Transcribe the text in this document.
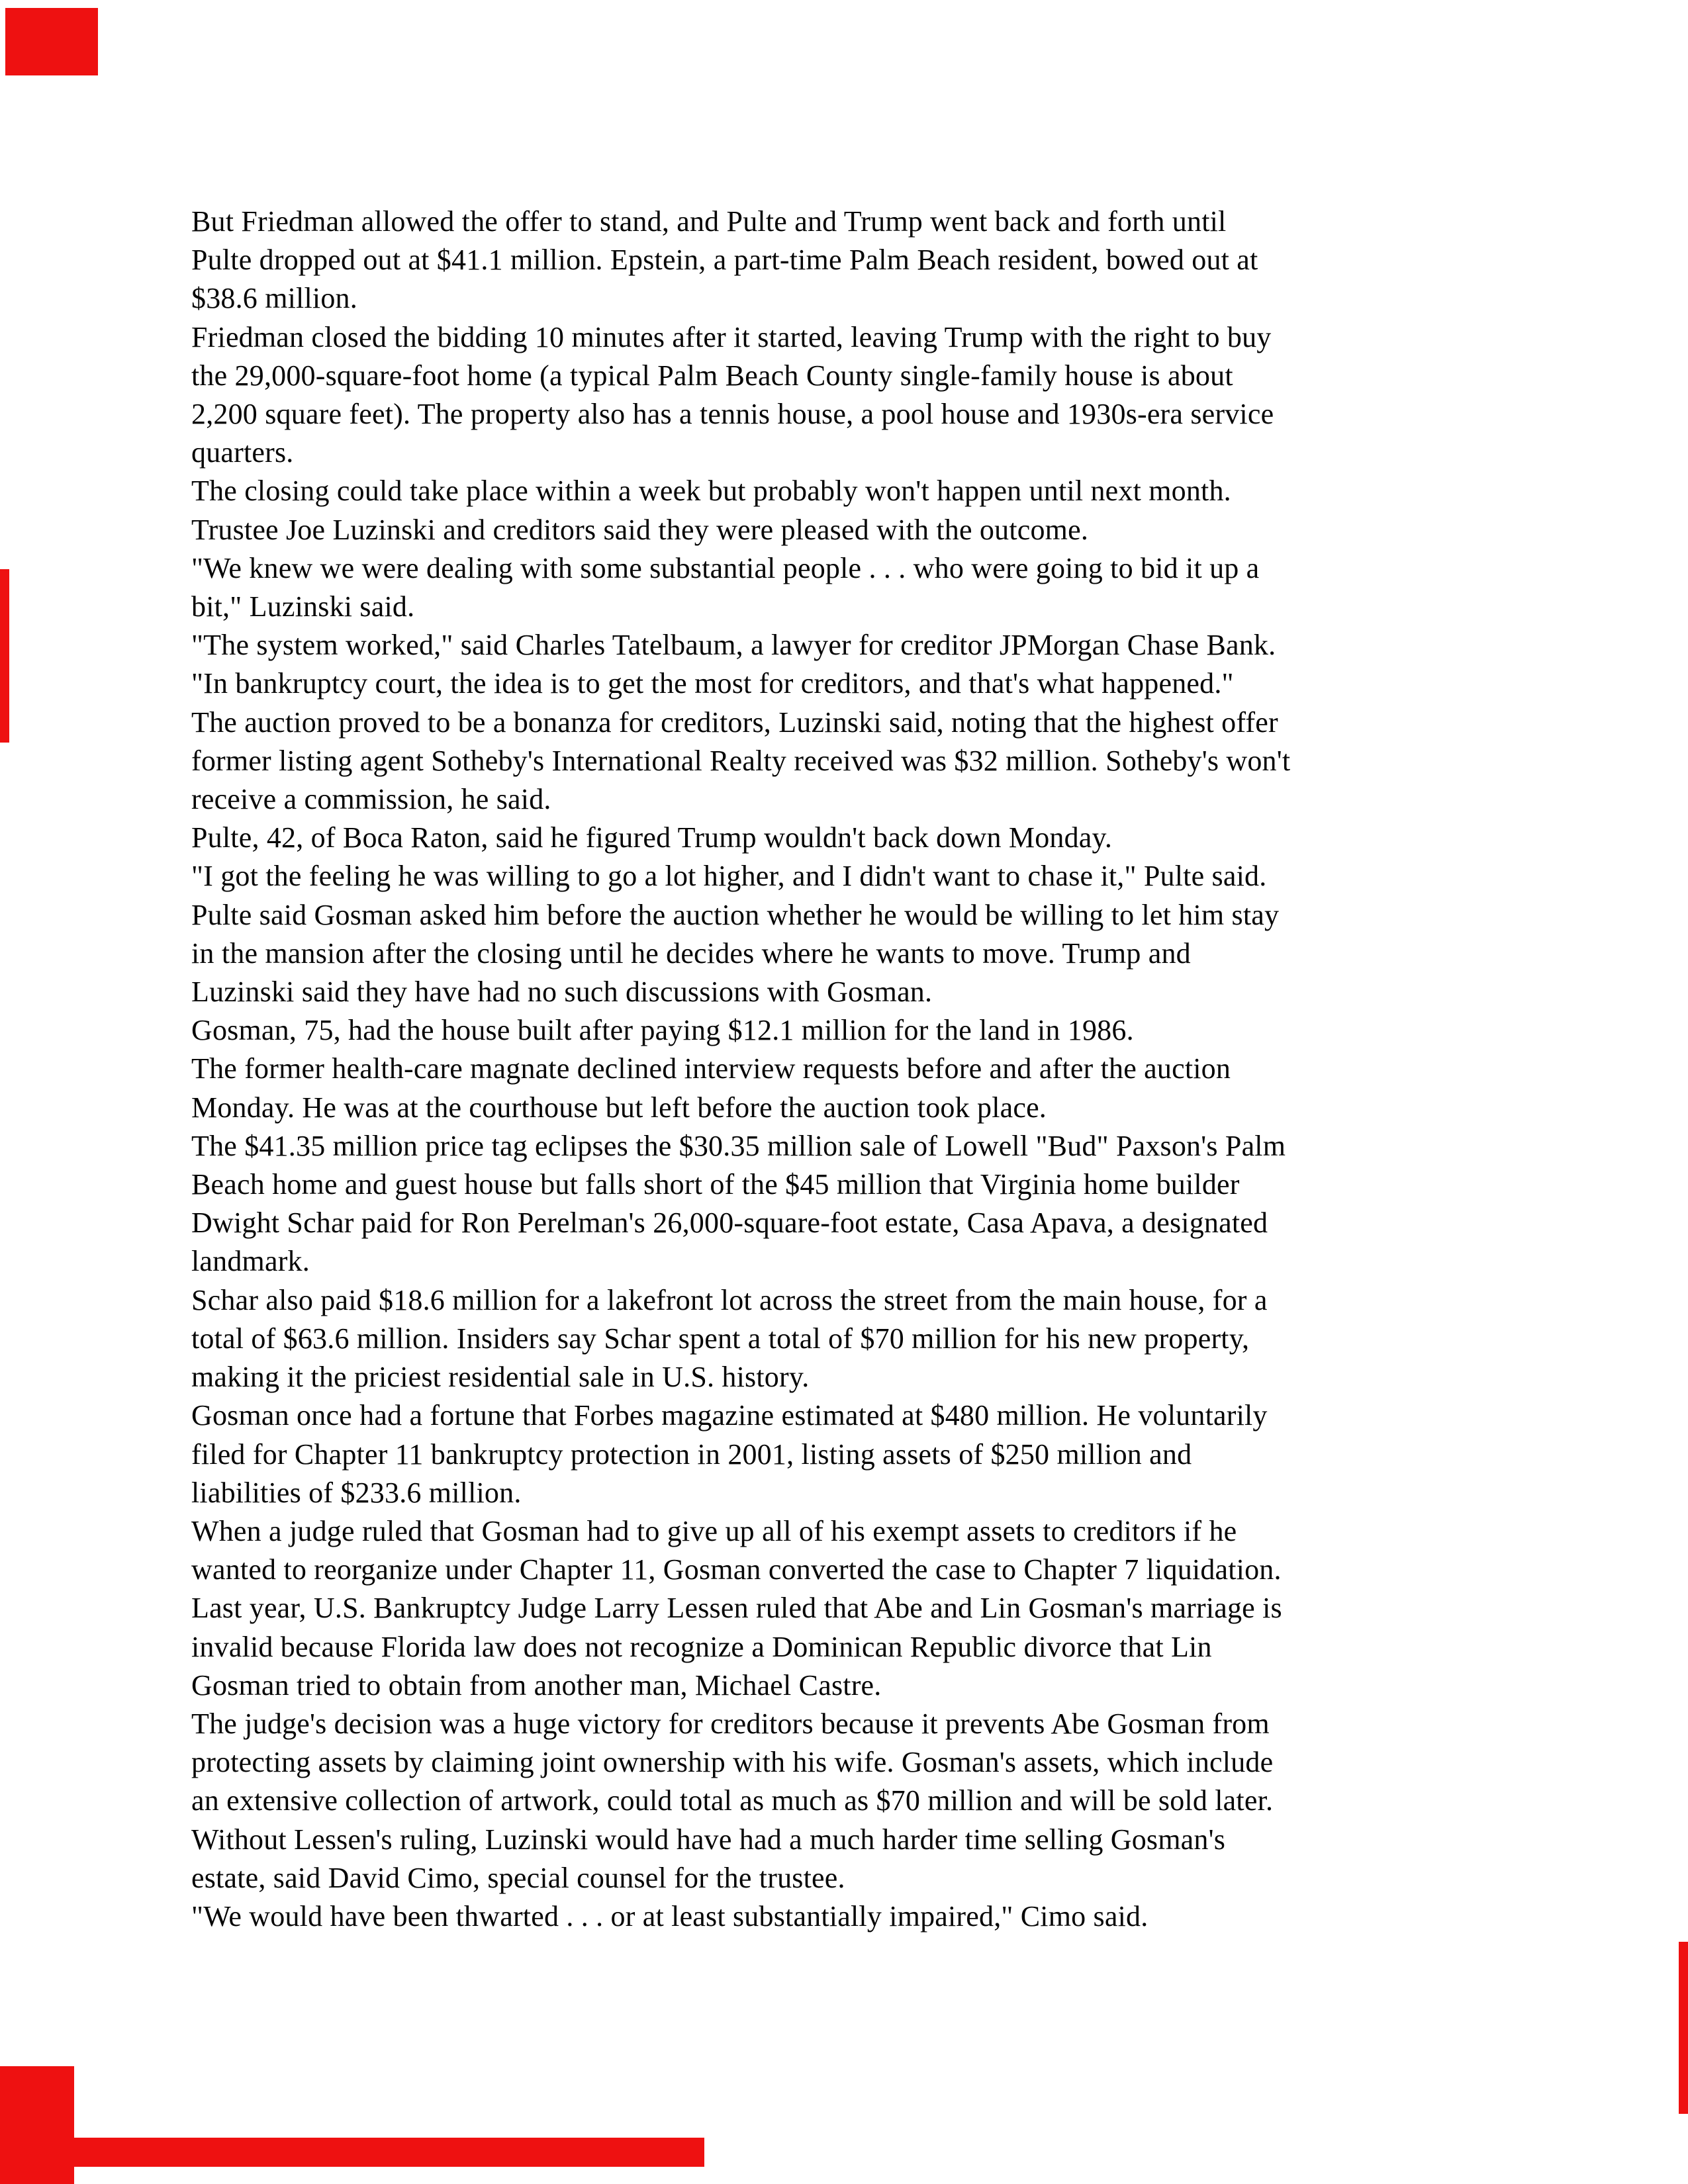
But Friedman allowed the offer to stand, and Pulte and Trump went back and forth until
Pulte dropped out at $41.1 million. Epstein, a part-time Palm Beach resident, bowed out at
$38.6 million.
Friedman closed the bidding 10 minutes after it started, leaving Trump with the right to buy
the 29,000-square-foot home (a typical Palm Beach County single-family house is about
2,200 square feet). The property also has a tennis house, a pool house and 1930s-era service
quarters.
The closing could take place within a week but probably won't happen until next month.
Trustee Joe Luzinski and creditors said they were pleased with the outcome.
"We knew we were dealing with some substantial people . . . who were going to bid it up a
bit," Luzinski said.
"The system worked," said Charles Tatelbaum, a lawyer for creditor JPMorgan Chase Bank.
"In bankruptcy court, the idea is to get the most for creditors, and that's what happened."
The auction proved to be a bonanza for creditors, Luzinski said, noting that the highest offer
former listing agent Sotheby's International Realty received was $32 million. Sotheby's won't
receive a commission, he said.
Pulte, 42, of Boca Raton, said he figured Trump wouldn't back down Monday.
"I got the feeling he was willing to go a lot higher, and I didn't want to chase it," Pulte said.
Pulte said Gosman asked him before the auction whether he would be willing to let him stay
in the mansion after the closing until he decides where he wants to move. Trump and
Luzinski said they have had no such discussions with Gosman.
Gosman, 75, had the house built after paying $12.1 million for the land in 1986.
The former health-care magnate declined interview requests before and after the auction
Monday. He was at the courthouse but left before the auction took place.
The $41.35 million price tag eclipses the $30.35 million sale of Lowell "Bud" Paxson's Palm
Beach home and guest house but falls short of the $45 million that Virginia home builder
Dwight Schar paid for Ron Perelman's 26,000-square-foot estate, Casa Apava, a designated
landmark.
Schar also paid $18.6 million for a lakefront lot across the street from the main house, for a
total of $63.6 million. Insiders say Schar spent a total of $70 million for his new property,
making it the priciest residential sale in U.S. history.
Gosman once had a fortune that Forbes magazine estimated at $480 million. He voluntarily
filed for Chapter 11 bankruptcy protection in 2001, listing assets of $250 million and
liabilities of $233.6 million.
When a judge ruled that Gosman had to give up all of his exempt assets to creditors if he
wanted to reorganize under Chapter 11, Gosman converted the case to Chapter 7 liquidation.
Last year, U.S. Bankruptcy Judge Larry Lessen ruled that Abe and Lin Gosman's marriage is
invalid because Florida law does not recognize a Dominican Republic divorce that Lin
Gosman tried to obtain from another man, Michael Castre.
The judge's decision was a huge victory for creditors because it prevents Abe Gosman from
protecting assets by claiming joint ownership with his wife. Gosman's assets, which include
an extensive collection of artwork, could total as much as $70 million and will be sold later.
Without Lessen's ruling, Luzinski would have had a much harder time selling Gosman's
estate, said David Cimo, special counsel for the trustee.
"We would have been thwarted . . . or at least substantially impaired," Cimo said.
